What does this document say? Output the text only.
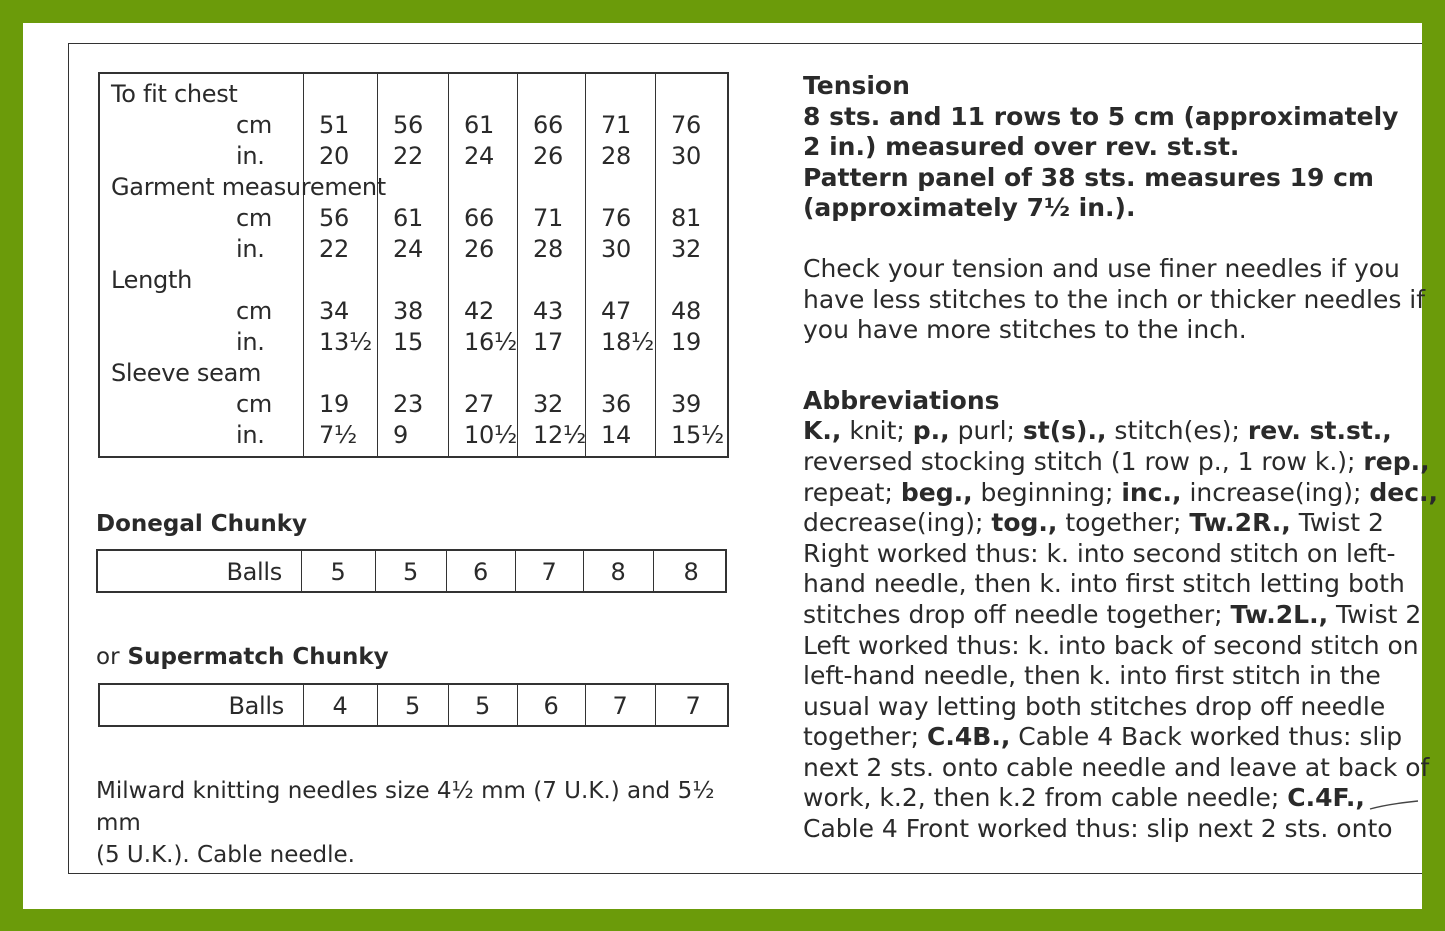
To fit chest
cm 51 56 61 66 71 76
in. 20 22 24 26 28 30
Garment measurement
cm 56 61 66 71 76 81
in. 22 24 26 28 30 32
Length
cm 34 38 42 43 47 48
in. 13½ 15 16½ 17 18½ 19
Sleeve seam
cm 19 23 27 32 36 39
in. 7½ 9 10½ 12½ 14 15½
Donegal Chunky
Balls	5	5	6	7	8	8
or Supermatch Chunky
Balls	4	5	5	6	7	7
Milward knitting needles size 4½ mm (7 U.K.) and 5½ mm
(5 U.K.). Cable needle.
Tension
8 sts. and 11 rows to 5 cm (approximately
2 in.) measured over rev. st.st.
Pattern panel of 38 sts. measures 19 cm
(approximately 7½ in.).
Check your tension and use finer needles if you
have less stitches to the inch or thicker needles if
you have more stitches to the inch.
Abbreviations
K., knit; p., purl; st(s)., stitch(es); rev. st.st.,
reversed stocking stitch (1 row p., 1 row k.); rep.,
repeat; beg., beginning; inc., increase(ing); dec.,
decrease(ing); tog., together; Tw.2R., Twist 2
Right worked thus: k. into second stitch on left-
hand needle, then k. into first stitch letting both
stitches drop off needle together; Tw.2L., Twist 2
Left worked thus: k. into back of second stitch on
left-hand needle, then k. into first stitch in the
usual way letting both stitches drop off needle
together; C.4B., Cable 4 Back worked thus: slip
next 2 sts. onto cable needle and leave at back of
work, k.2, then k.2 from cable needle; C.4F.,
Cable 4 Front worked thus: slip next 2 sts. onto
